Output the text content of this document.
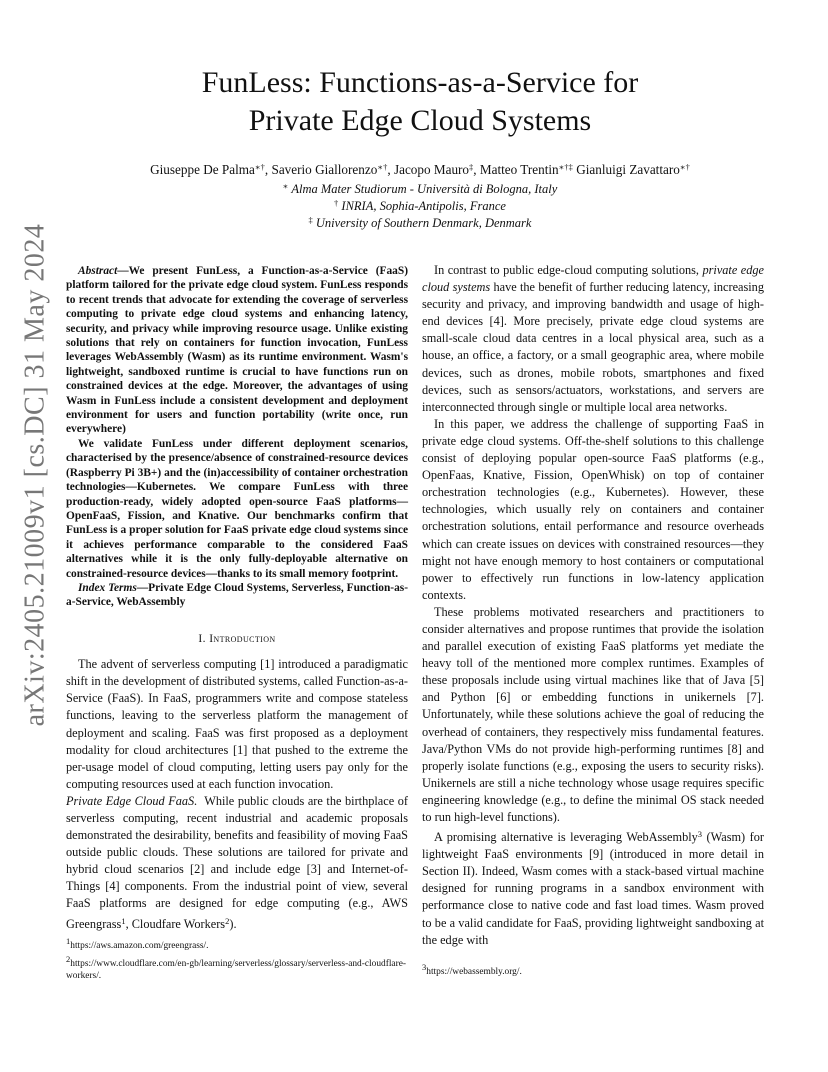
arXiv:2405.21009v1 [cs.DC] 31 May 2024
FunLess: Functions-as-a-Service for
Private Edge Cloud Systems
Giuseppe De Palma∗†, Saverio Giallorenzo∗†, Jacopo Mauro‡, Matteo Trentin∗†‡ Gianluigi Zavattaro∗†
∗ Alma Mater Studiorum - Università di Bologna, Italy
† INRIA, Sophia-Antipolis, France
‡ University of Southern Denmark, Denmark

Abstract—We present FunLess, a Function-as-a-Service (FaaS) platform tailored for the private edge cloud system. FunLess responds to recent trends that advocate for extending the coverage of serverless computing to private edge cloud systems and enhancing latency, security, and privacy while improving resource usage. Unlike existing solutions that rely on containers for function invocation, FunLess leverages WebAssembly (Wasm) as its runtime environment. Wasm's lightweight, sandboxed runtime is crucial to have functions run on constrained devices at the edge. Moreover, the advantages of using Wasm in FunLess include a consistent development and deployment environment for users and function portability (write once, run everywhere)

We validate FunLess under different deployment scenarios, characterised by the presence/absence of constrained-resource devices (Raspberry Pi 3B+) and the (in)accessibility of container orchestration technologies—Kubernetes. We compare FunLess with three production-ready, widely adopted open-source FaaS platforms—OpenFaaS, Fission, and Knative. Our benchmarks confirm that FunLess is a proper solution for FaaS private edge cloud systems since it achieves performance comparable to the considered FaaS alternatives while it is the only fully-deployable alternative on constrained-resource devices—thanks to its small memory footprint.

Index Terms—Private Edge Cloud Systems, Serverless, Function-as-a-Service, WebAssembly

I. Introduction

The advent of serverless computing [1] introduced a paradigmatic shift in the development of distributed systems, called Function-as-a-Service (FaaS). In FaaS, programmers write and compose stateless functions, leaving to the serverless platform the management of deployment and scaling. FaaS was first proposed as a deployment modality for cloud architectures [1] that pushed to the extreme the per-usage model of cloud computing, letting users pay only for the computing resources used at each function invocation.

Private Edge Cloud FaaS. While public clouds are the birthplace of serverless computing, recent industrial and academic proposals demonstrated the desirability, benefits and feasibility of moving FaaS outside public clouds. These solutions are tailored for private and hybrid cloud scenarios [2] and include edge [3] and Internet-of-Things [4] components. From the industrial point of view, several FaaS platforms are designed for edge computing (e.g., AWS Greengrass$^1$, Cloudfare Workers$^2$).

In contrast to public edge-cloud computing solutions, private edge cloud systems have the benefit of further reducing latency, increasing security and privacy, and improving bandwidth and usage of high-end devices [4]. More precisely, private edge cloud systems are small-scale cloud data centres in a local physical area, such as a house, an office, a factory, or a small geographic area, where mobile devices, such as drones, mobile robots, smartphones and fixed devices, such as sensors/actuators, workstations, and servers are interconnected through single or multiple local area networks.

In this paper, we address the challenge of supporting FaaS in private edge cloud systems. Off-the-shelf solutions to this challenge consist of deploying popular open-source FaaS platforms (e.g., OpenFaas, Knative, Fission, OpenWhisk) on top of container orchestration technologies (e.g., Kubernetes). However, these technologies, which usually rely on containers and container orchestration solutions, entail performance and resource overheads which can create issues on devices with constrained resources—they might not have enough memory to host containers or computational power to effectively run functions in low-latency application contexts.

These problems motivated researchers and practitioners to consider alternatives and propose runtimes that provide the isolation and parallel execution of existing FaaS platforms yet mediate the heavy toll of the mentioned more complex runtimes. Examples of these proposals include using virtual machines like that of Java [5] and Python [6] or embedding functions in unikernels [7]. Unfortunately, while these solutions achieve the goal of reducing the overhead of containers, they respectively miss fundamental features. Java/Python VMs do not provide high-performing runtimes [8] and properly isolate functions (e.g., exposing the users to security risks). Unikernels are still a niche technology whose usage requires specific engineering knowledge (e.g., to define the minimal OS stack needed to run high-level functions).

A promising alternative is leveraging WebAssembly$^3$ (Wasm) for lightweight FaaS environments [9] (introduced in more detail in Section II). Indeed, Wasm comes with a stack-based virtual machine designed for running programs in a sandbox environment with performance close to native code and fast load times. Wasm proved to be a valid candidate for FaaS, providing lightweight sandboxing at the edge with

$^1$https://aws.amazon.com/greengrass/.
$^2$https://www.cloudflare.com/en-gb/learning/serverless/glossary/serverless-and-cloudflare-workers/.
$^3$https://webassembly.org/.
